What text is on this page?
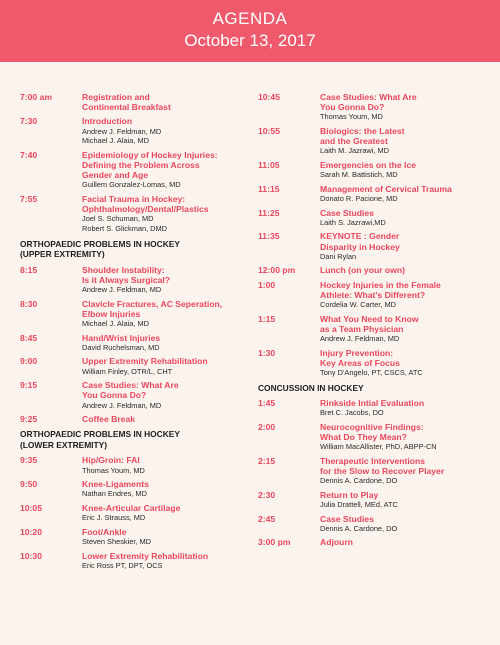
AGENDA
October 13, 2017
7:00 am	Registration and
Continental Breakfast
7:30	Introduction
Andrew J. Feldman, MD
Michael J. Alaia, MD
7:40	Epidemiology of Hockey Injuries:
Defining the Problem Across
Gender and Age
Guillem Gonzalez-Lomas, MD
7:55	Facial Trauma in Hockey:
Ophthalmology/Dental/Plastics
Joel S. Schuman, MD
Robert S. Glickman, DMD
ORTHOPAEDIC PROBLEMS IN HOCKEY
(UPPER EXTREMITY)
8:15	Shoulder Instability:
Is it Always Surgical?
Andrew J. Feldman, MD
8:30	Clavicle Fractures, AC Seperation,
Elbow Injuries
Michael J. Alaia, MD
8:45	Hand/Wrist Injuries
David Ruchelsman, MD
9:00	Upper Extremity Rehabilitation
William Finley, OTR/L, CHT
9:15	Case Studies: What Are
You Gonna Do?
Andrew J. Feldman, MD
9:25	Coffee Break
ORTHOPAEDIC PROBLEMS IN HOCKEY
(LOWER EXTREMITY)
9:35	Hip/Groin: FAI
Thomas Youm, MD
9:50	Knee-Ligaments
Nathan Endres, MD
10:05	Knee-Articular Cartilage
Eric J. Strauss, MD
10:20	Foot/Ankle
Steven Sheskier, MD
10:30	Lower Extremity Rehabilitation
Eric Ross PT, DPT, OCS
10:45	Case Studies: What Are
You Gonna Do?
Thomas Youm, MD
10:55	Biologics: the Latest
and the Greatest
Laith M. Jazrawi, MD
11:05	Emergencies on the Ice
Sarah M. Battistich, MD
11:15	Management of Cervical Trauma
Donato R. Pacione, MD
11:25	Case Studies
Laith S. Jazrawi,MD
11:35	KEYNOTE : Gender
Disparity in Hockey
Dani Rylan
12:00 pm	Lunch (on your own)
1:00	Hockey Injuries in the Female
Athlete: What's Different?
Cordelia W. Carter, MD
1:15	What You Need to Know
as a Team Physician
Andrew J. Feldman, MD
1:30	Injury Prevention:
Key Areas of Focus
Tony D'Angelo, PT, CSCS, ATC
CONCUSSION IN HOCKEY
1:45	Rinkside Intial Evaluation
Bret C. Jacobs, DO
2:00	Neurocognitive Findings:
What Do They Mean?
William MacAllister, PhD, ABPP-CN
2:15	Therapeutic Interventions
for the Slow to Recover Player
Dennis A. Cardone, DO
2:30	Return to Play
Julia Drattell, MEd, ATC
2:45	Case Studies
Dennis A. Cardone, DO
3:00 pm	Adjourn
